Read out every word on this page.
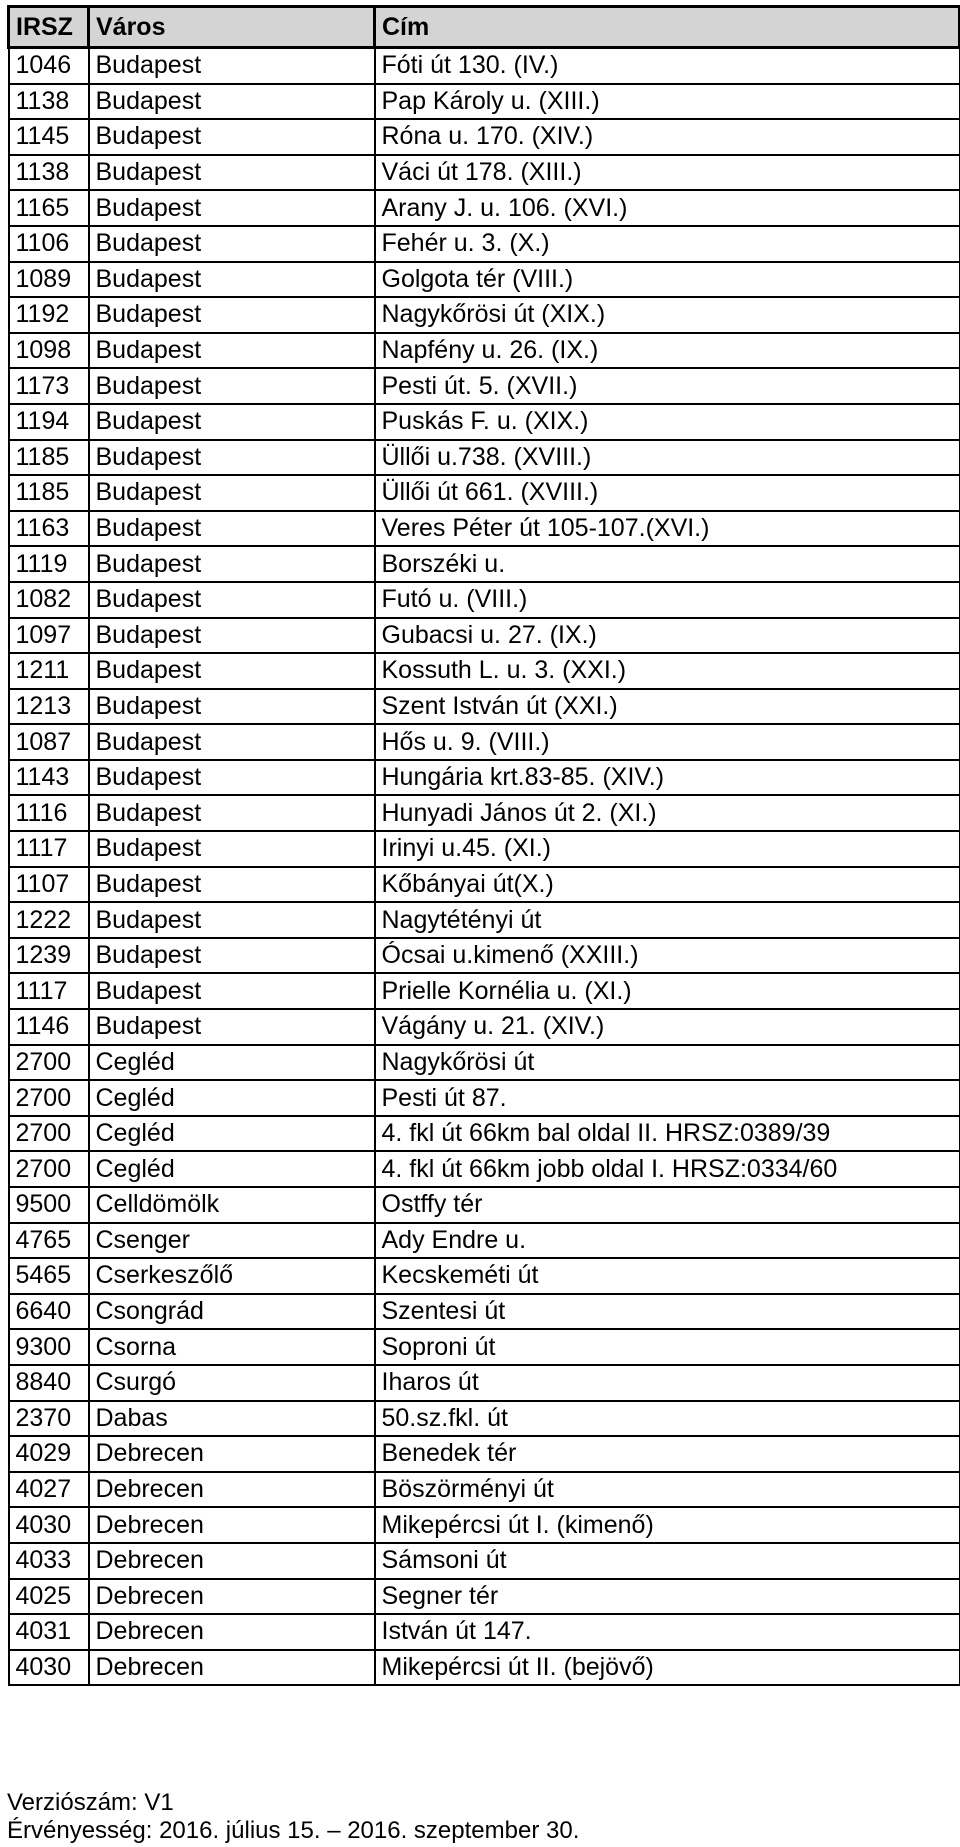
IRSZ	Város	Cím
1046	Budapest	Fóti út 130. (IV.)
1138	Budapest	Pap Károly u. (XIII.)
1145	Budapest	Róna u. 170. (XIV.)
1138	Budapest	Váci út 178. (XIII.)
1165	Budapest	Arany J. u. 106. (XVI.)
1106	Budapest	Fehér u. 3. (X.)
1089	Budapest	Golgota tér (VIII.)
1192	Budapest	Nagykőrösi út (XIX.)
1098	Budapest	Napfény u. 26. (IX.)
1173	Budapest	Pesti út. 5. (XVII.)
1194	Budapest	Puskás F. u. (XIX.)
1185	Budapest	Üllői u.738. (XVIII.)
1185	Budapest	Üllői út 661. (XVIII.)
1163	Budapest	Veres Péter út 105-107.(XVI.)
1119	Budapest	Borszéki u.
1082	Budapest	Futó u. (VIII.)
1097	Budapest	Gubacsi u. 27. (IX.)
1211	Budapest	Kossuth L. u. 3. (XXI.)
1213	Budapest	Szent István út (XXI.)
1087	Budapest	Hős u. 9. (VIII.)
1143	Budapest	Hungária krt.83-85. (XIV.)
1116	Budapest	Hunyadi János út 2. (XI.)
1117	Budapest	Irinyi u.45. (XI.)
1107	Budapest	Kőbányai út(X.)
1222	Budapest	Nagytétényi út
1239	Budapest	Ócsai u.kimenő (XXIII.)
1117	Budapest	Prielle Kornélia u. (XI.)
1146	Budapest	Vágány u. 21. (XIV.)
2700	Cegléd	Nagykőrösi út
2700	Cegléd	Pesti út 87.
2700	Cegléd	4. fkl út 66km bal oldal II. HRSZ:0389/39
2700	Cegléd	4. fkl út 66km jobb oldal I. HRSZ:0334/60
9500	Celldömölk	Ostffy tér
4765	Csenger	Ady Endre u.
5465	Cserkeszőlő	Kecskeméti út
6640	Csongrád	Szentesi út
9300	Csorna	Soproni út
8840	Csurgó	Iharos út
2370	Dabas	50.sz.fkl. út
4029	Debrecen	Benedek tér
4027	Debrecen	Böszörményi út
4030	Debrecen	Mikepércsi út I. (kimenő)
4033	Debrecen	Sámsoni út
4025	Debrecen	Segner tér
4031	Debrecen	István út 147.
4030	Debrecen	Mikepércsi út II. (bejövő)
Verziószám: V1
Érvényesség: 2016. július 15. – 2016. szeptember 30.
